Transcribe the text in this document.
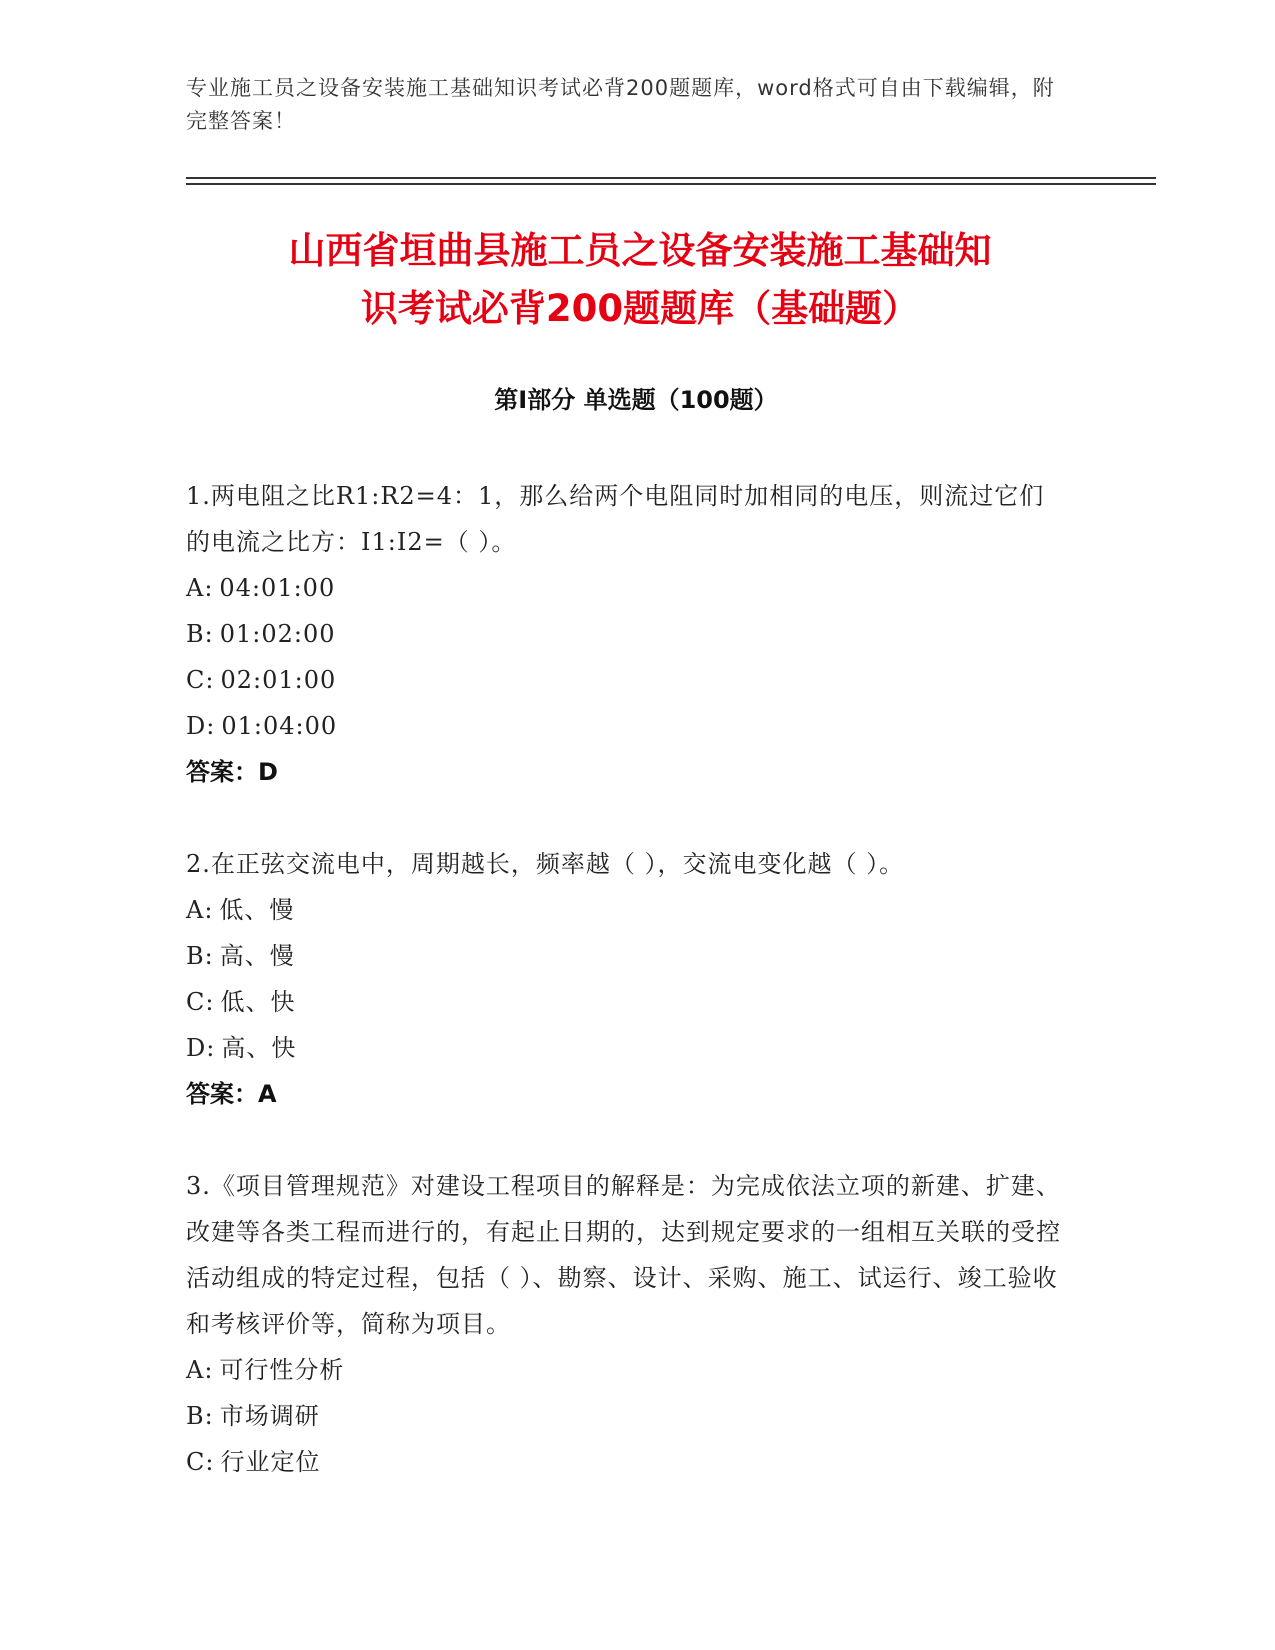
专业施工员之设备安装施工基础知识考试必背200题题库，word格式可自由下载编辑，附完整答案！
山西省垣曲县施工员之设备安装施工基础知
识考试必背200题题库（基础题）
第Ⅰ部分 单选题（100题）

1.两电阻之比R1:R2=4：1，那么给两个电阻同时加相同的电压，则流过它们的电流之比方：I1:I2=（ ）。

A: 04:01:00

B: 01:02:00

C: 02:01:00

D: 01:04:00

答案：D

2.在正弦交流电中，周期越长，频率越（ ），交流电变化越（ ）。

A: 低、慢

B: 高、慢

C: 低、快

D: 高、快

答案：A

3.《项目管理规范》对建设工程项目的解释是：为完成依法立项的新建、扩建、改建等各类工程而进行的，有起止日期的，达到规定要求的一组相互关联的受控活动组成的特定过程，包括（ ）、勘察、设计、采购、施工、试运行、竣工验收和考核评价等，简称为项目。

A: 可行性分析

B: 市场调研

C: 行业定位
